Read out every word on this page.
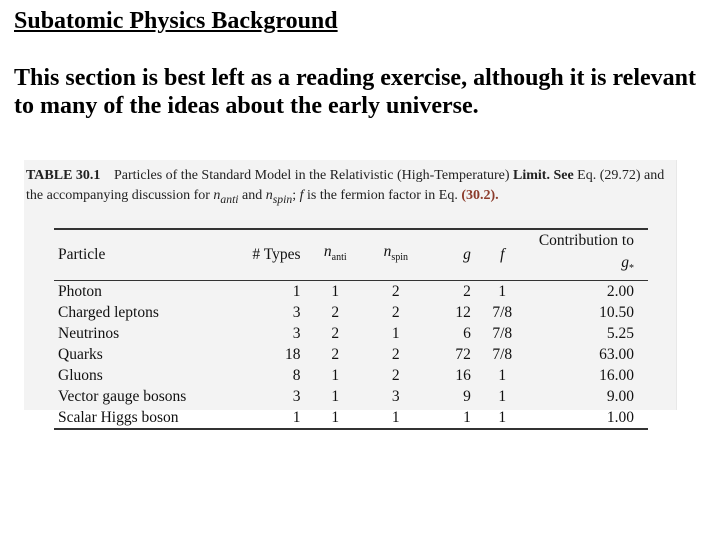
Subatomic Physics Background

This section is best left as a reading exercise, although it is relevant to many of the ideas about the early universe.

TABLE 30.1 Particles of the Standard Model in the Relativistic (High-Temperature) Limit. See Eq. (29.72) and the accompanying discussion for $n_{anti}$ and $n_{spin}$; f is the fermion factor in Eq. (30.2).
Particle	# Types	$n_{anti}$	$n_{spin}$	g	f	Contribution to $g_*$
Photon	1	1	2	2	1	2.00
Charged leptons	3	2	2	12	7/8	10.50
Neutrinos	3	2	1	6	7/8	5.25
Quarks	18	2	2	72	7/8	63.00
Gluons	8	1	2	16	1	16.00
Vector gauge bosons	3	1	3	9	1	9.00
Scalar Higgs boson	1	1	1	1	1	1.00
